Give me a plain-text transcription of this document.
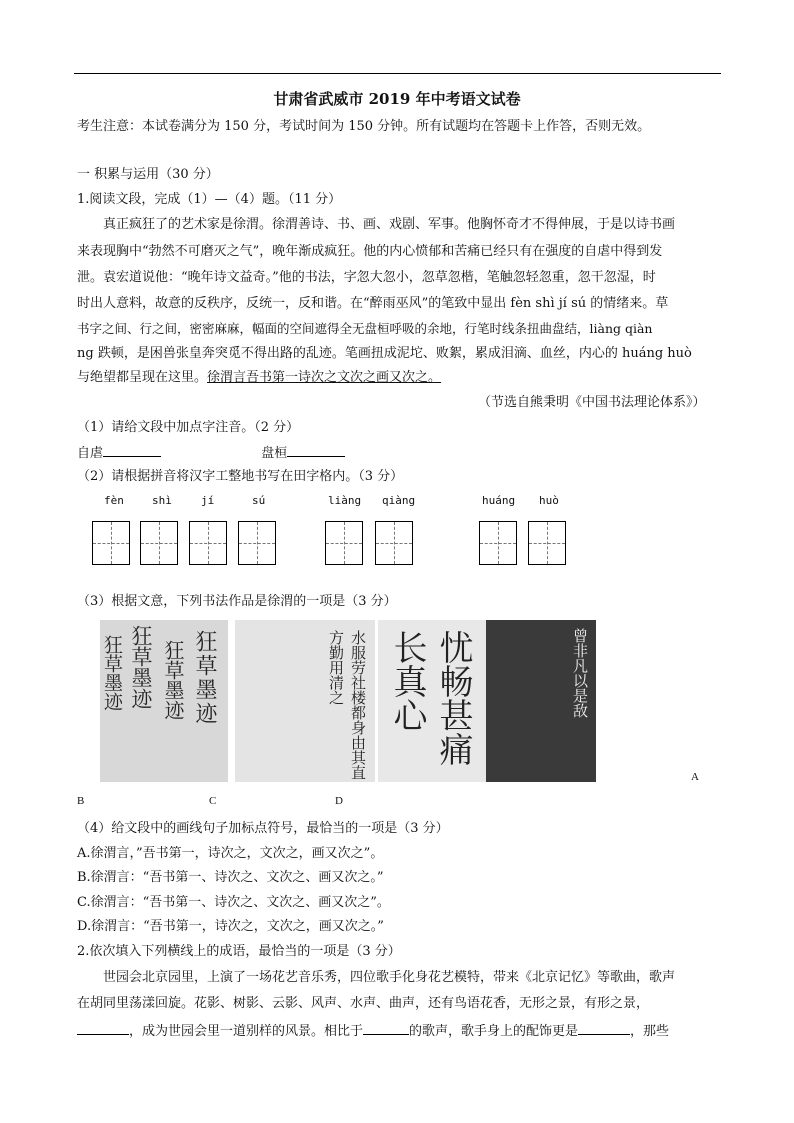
甘肃省武威市 2019 年中考语文试卷
考生注意：本试卷满分为 150 分，考试时间为 150 分钟。所有试题均在答题卡上作答，否则无效。
一 积累与运用（30 分）
1.阅读文段，完成（1）—（4）题。（11 分）
真正疯狂了的艺术家是徐渭。徐渭善诗、书、画、戏剧、军事。他胸怀奇才不得伸展，于是以诗书画
来表现胸中“勃然不可磨灭之气”，晚年渐成疯狂。他的内心愤郁和苦痛已经只有在强度的自虐中得到发
泄。袁宏道说他：“晚年诗文益奇。”他的书法，字忽大忽小，忽草忽楷，笔触忽轻忽重，忽干忽湿，时
时出人意料，故意的反秩序，反统一，反和谐。在“醉雨巫风”的笔致中显出 fèn shì jí sú 的情绪来。草
书字之间、行之间，密密麻麻，幅面的空间遮得全无盘桓呼吸的余地，行笔时线条扭曲盘结，liàng qiàn
ng 跌顿，是困兽张皇奔突觅不得出路的乱迹。笔画扭成泥坨、败絮，累成泪滴、血丝，内心的 huáng huò
与绝望都呈现在这里。徐渭言吾书第一诗次之文次之画又次之。
（节选自熊秉明《中国书法理论体系》）
（1）请给文段中加点字注音。（2 分）
自虐	盘桓
（2）请根据拼音将汉字工整地书写在田字格内。（3 分）
fèn	shì	jí	sú	liàng qiàng	huáng huò
（3）根据文意，下列书法作品是徐渭的一项是（3 分）
狂草墨迹
狂草墨迹
狂草墨迹
狂草墨迹	水服劳社楼都身由其直方勤用清之	忧畅甚痛长真心	曾非凡以是敌
A
B	C	D
（4）给文段中的画线句子加标点符号，最恰当的一项是（3 分）
A.徐渭言，”吾书第一，诗次之，文次之，画又次之”。
B.徐渭言：“吾书第一、诗次之、文次之、画又次之。”
C.徐渭言：“吾书第一、诗次之、文次之、画又次之”。
D.徐渭言：“吾书第一，诗次之，文次之，画又次之。”
2.依次填入下列横线上的成语，最恰当的一项是（3 分）
世园会北京园里，上演了一场花艺音乐秀，四位歌手化身花艺模特，带来《北京记忆》等歌曲，歌声
在胡同里荡漾回旋。花影、树影、云影、风声、水声、曲声，还有鸟语花香，无形之景，有形之景，
，成为世园会里一道别样的风景。相比于	的歌声，歌手身上的配饰更是	，那些
